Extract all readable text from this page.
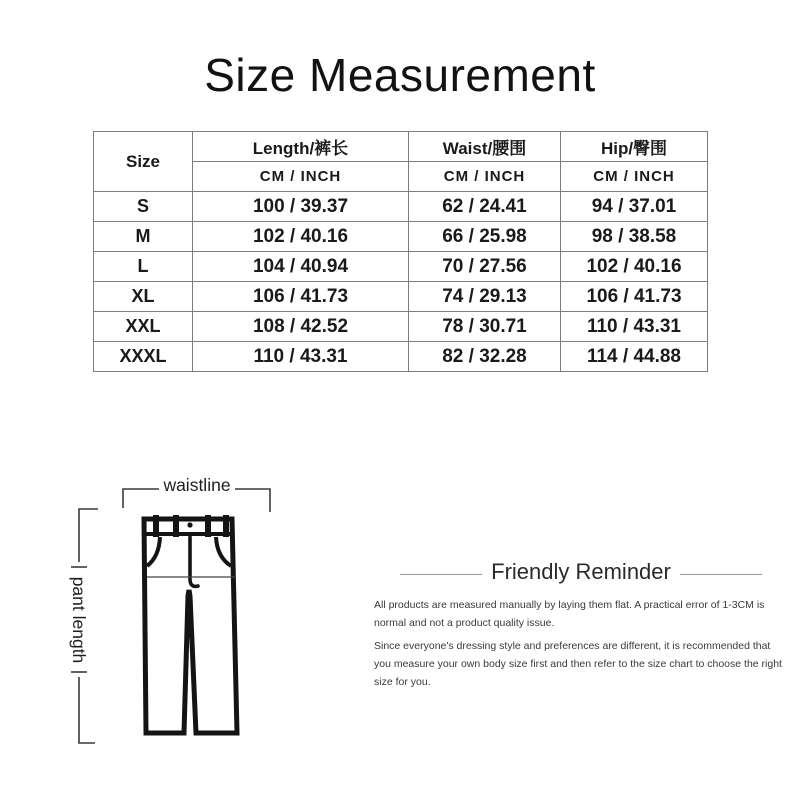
Size Measurement
Size	Length/裤长	Waist/腰围	Hip/臀围
	CM / INCH	CM / INCH	CM / INCH
S	100 / 39.37	62 / 24.41	94 / 37.01
M	102 / 40.16	66 / 25.98	98 / 38.58
L	104 / 40.94	70 / 27.56	102 / 40.16
XL	106 / 41.73	74 / 29.13	106 / 41.73
XXL	108 / 42.52	78 / 30.71	110 / 43.31
XXXL	110 / 43.31	82 / 32.28	114 / 44.88
waistline
pant length
Friendly Reminder

All products are measured manually by laying them flat. A practical error of 1-3CM is normal and not a product quality issue.

Since everyone's dressing style and preferences are different, it is recommended that you measure your own body size first and then refer to the size chart to choose the right size for you.
